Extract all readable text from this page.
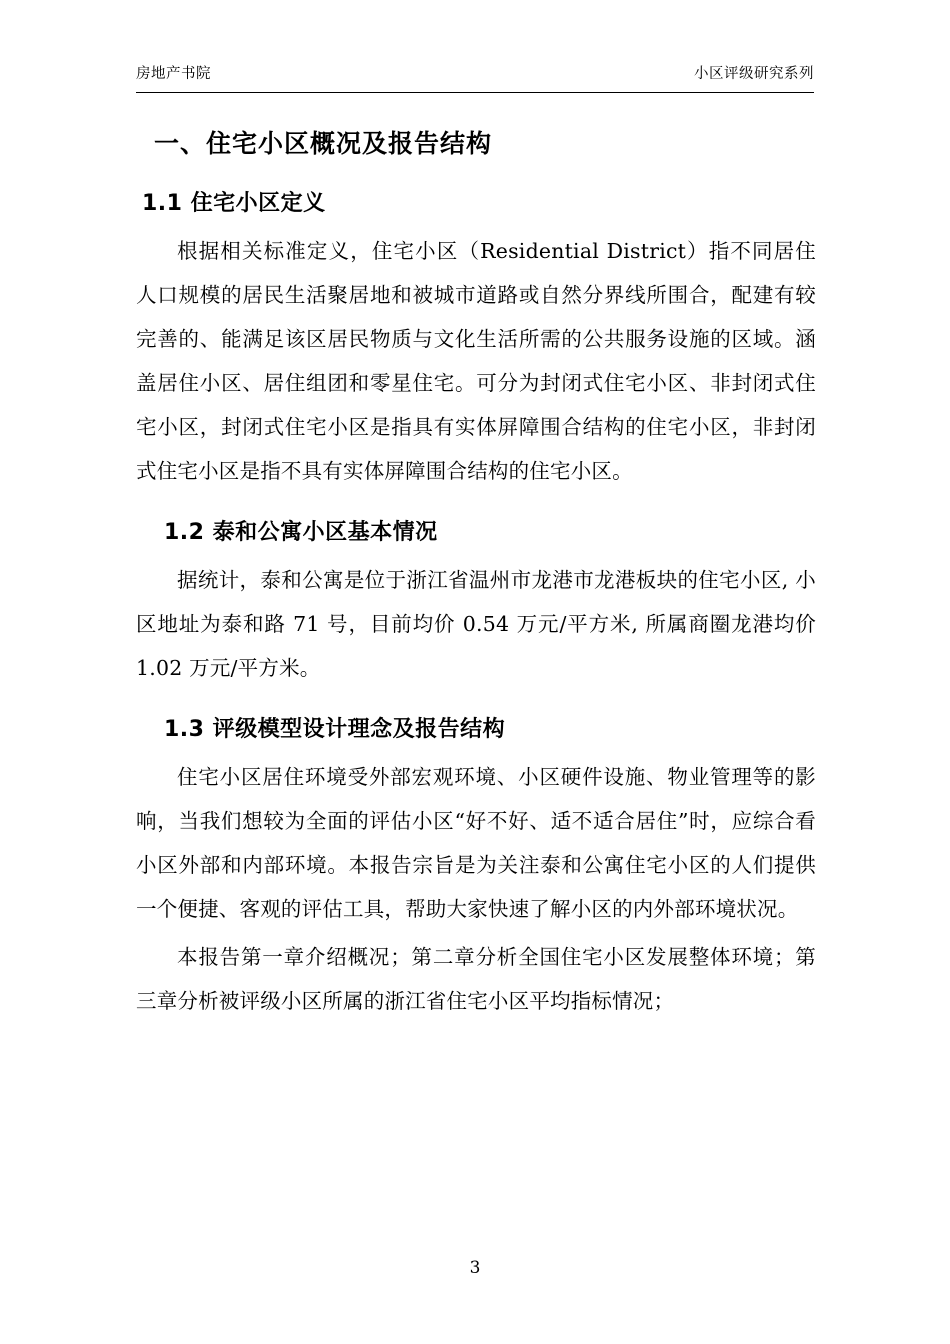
房地产书院	小区评级研究系列
一、住宅小区概况及报告结构
1.1 住宅小区定义

根据相关标准定义，住宅小区（Residential District）指不同居住人口规模的居民生活聚居地和被城市道路或自然分界线所围合，配建有较完善的、能满足该区居民物质与文化生活所需的公共服务设施的区域。涵盖居住小区、居住组团和零星住宅。可分为封闭式住宅小区、非封闭式住宅小区，封闭式住宅小区是指具有实体屏障围合结构的住宅小区，非封闭式住宅小区是指不具有实体屏障围合结构的住宅小区。

1.2 泰和公寓小区基本情况

据统计，泰和公寓是位于浙江省温州市龙港市龙港板块的住宅小区, 小区地址为泰和路 71 号，目前均价 0.54 万元/平方米, 所属商圈龙港均价 1.02 万元/平方米。

1.3 评级模型设计理念及报告结构

住宅小区居住环境受外部宏观环境、小区硬件设施、物业管理等的影响，当我们想较为全面的评估小区“好不好、适不适合居住”时，应综合看小区外部和内部环境。本报告宗旨是为关注泰和公寓住宅小区的人们提供一个便捷、客观的评估工具，帮助大家快速了解小区的内外部环境状况。

本报告第一章介绍概况；第二章分析全国住宅小区发展整体环境；第三章分析被评级小区所属的浙江省住宅小区平均指标情况；

3
